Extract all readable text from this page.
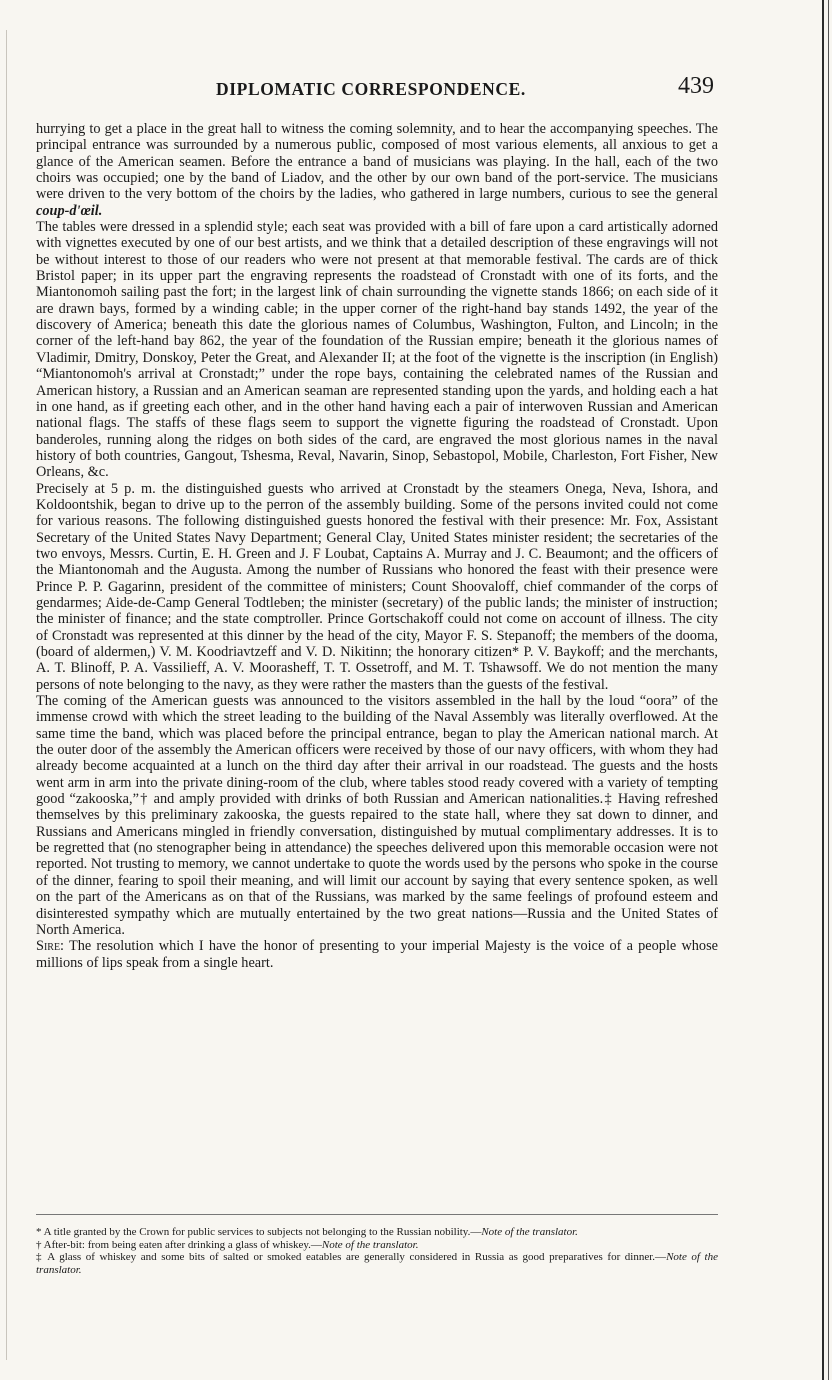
DIPLOMATIC CORRESPONDENCE.	439

hurrying to get a place in the great hall to witness the coming solemnity, and to hear the accompanying speeches. The principal entrance was surrounded by a numerous public, composed of most various elements, all anxious to get a glance of the American seamen. Before the entrance a band of musicians was playing. In the hall, each of the two choirs was occupied; one by the band of Liadov, and the other by our own band of the port-service. The musicians were driven to the very bottom of the choirs by the ladies, who gathered in large numbers, curious to see the general coup-d'œil.

The tables were dressed in a splendid style; each seat was provided with a bill of fare upon a card artistically adorned with vignettes executed by one of our best artists, and we think that a detailed description of these engravings will not be without interest to those of our readers who were not present at that memorable festival. The cards are of thick Bristol paper; in its upper part the engraving represents the roadstead of Cronstadt with one of its forts, and the Miantonomoh sailing past the fort; in the largest link of chain surrounding the vignette stands 1866; on each side of it are drawn bays, formed by a winding cable; in the upper corner of the right-hand bay stands 1492, the year of the discovery of America; beneath this date the glorious names of Columbus, Washington, Fulton, and Lincoln; in the corner of the left-hand bay 862, the year of the foundation of the Russian empire; beneath it the glorious names of Vladimir, Dmitry, Donskoy, Peter the Great, and Alexander II; at the foot of the vignette is the inscription (in English) “Miantonomoh's arrival at Cronstadt;” under the rope bays, containing the celebrated names of the Russian and American history, a Russian and an American seaman are represented standing upon the yards, and holding each a hat in one hand, as if greeting each other, and in the other hand having each a pair of interwoven Russian and American national flags. The staffs of these flags seem to support the vignette figuring the roadstead of Cronstadt. Upon banderoles, running along the ridges on both sides of the card, are engraved the most glorious names in the naval history of both countries, Gangout, Tshesma, Reval, Navarin, Sinop, Sebastopol, Mobile, Charleston, Fort Fisher, New Orleans, &c.

Precisely at 5 p. m. the distinguished guests who arrived at Cronstadt by the steamers Onega, Neva, Ishora, and Koldoontshik, began to drive up to the perron of the assembly building. Some of the persons invited could not come for various reasons. The following distinguished guests honored the festival with their presence: Mr. Fox, Assistant Secretary of the United States Navy Department; General Clay, United States minister resident; the secretaries of the two envoys, Messrs. Curtin, E. H. Green and J. F Loubat, Captains A. Murray and J. C. Beaumont; and the officers of the Miantonomah and the Augusta. Among the number of Russians who honored the feast with their presence were Prince P. P. Gagarinn, president of the committee of ministers; Count Shoovaloff, chief commander of the corps of gendarmes; Aide-de-Camp General Todtleben; the minister (secretary) of the public lands; the minister of instruction; the minister of finance; and the state comptroller. Prince Gortschakoff could not come on account of illness. The city of Cronstadt was represented at this dinner by the head of the city, Mayor F. S. Stepanoff; the members of the dooma, (board of aldermen,) V. M. Koodriavtzeff and V. D. Nikitinn; the honorary citizen* P. V. Baykoff; and the merchants, A. T. Blinoff, P. A. Vassilieff, A. V. Moorasheff, T. T. Ossetroff, and M. T. Tshawsoff. We do not mention the many persons of note belonging to the navy, as they were rather the masters than the guests of the festival.

The coming of the American guests was announced to the visitors assembled in the hall by the loud “oora” of the immense crowd with which the street leading to the building of the Naval Assembly was literally overflowed. At the same time the band, which was placed before the principal entrance, began to play the American national march. At the outer door of the assembly the American officers were received by those of our navy officers, with whom they had already become acquainted at a lunch on the third day after their arrival in our roadstead. The guests and the hosts went arm in arm into the private dining-room of the club, where tables stood ready covered with a variety of tempting good “zakooska,”† and amply provided with drinks of both Russian and American nationalities.‡ Having refreshed themselves by this preliminary zakooska, the guests repaired to the state hall, where they sat down to dinner, and Russians and Americans mingled in friendly conversation, distinguished by mutual complimentary addresses. It is to be regretted that (no stenographer being in attendance) the speeches delivered upon this memorable occasion were not reported. Not trusting to memory, we cannot undertake to quote the words used by the persons who spoke in the course of the dinner, fearing to spoil their meaning, and will limit our account by saying that every sentence spoken, as well on the part of the Americans as on that of the Russians, was marked by the same feelings of profound esteem and disinterested sympathy which are mutually entertained by the two great nations—Russia and the United States of North America.

Sire: The resolution which I have the honor of presenting to your imperial Majesty is the voice of a people whose millions of lips speak from a single heart.

* A title granted by the Crown for public services to subjects not belonging to the Russian nobility.—Note of the translator.

† After-bit: from being eaten after drinking a glass of whiskey.—Note of the translator.

‡ A glass of whiskey and some bits of salted or smoked eatables are generally considered in Russia as good preparatives for dinner.—Note of the translator.
